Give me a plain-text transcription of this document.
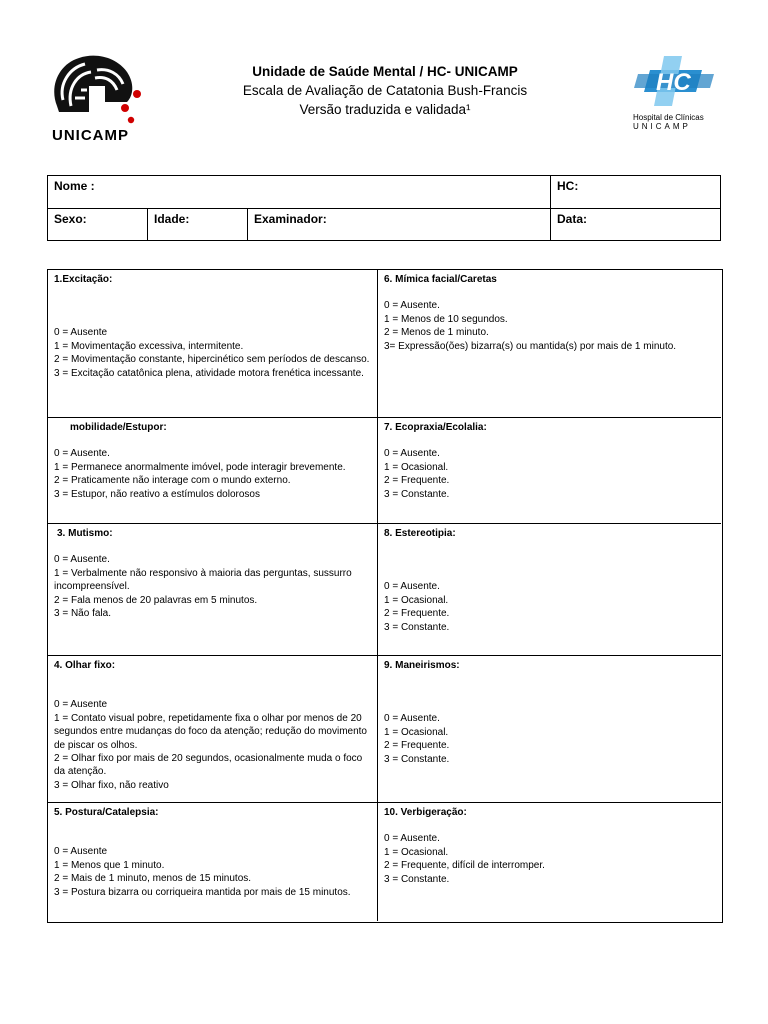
UNICAMP
Unidade de Saúde Mental / HC- UNICAMP
Escala de Avaliação de Catatonia Bush-Francis
Versão traduzida e validada¹
HC
Hospital de Clínicas
UNICAMP
Nome :	HC:
Sexo:	Idade:	Examinador:	Data:
1.Excitação:
0 = Ausente
1 = Movimentação excessiva, intermitente.
2 = Movimentação constante, hipercinético sem períodos de descanso.
3 = Excitação catatônica plena, atividade motora frenética incessante.
6. Mímica facial/Caretas
0 = Ausente.
1 = Menos de 10 segundos.
2 = Menos de 1 minuto.
3= Expressão(ões) bizarra(s) ou mantida(s) por mais de 1 minuto.
mobilidade/Estupor:
0 = Ausente.
1 = Permanece anormalmente imóvel, pode interagir brevemente.
2 = Praticamente não interage com o mundo externo.
3 = Estupor, não reativo a estímulos dolorosos
7. Ecopraxia/Ecolalia:
0 = Ausente.
1 = Ocasional.
2 = Frequente.
3 = Constante.
3. Mutismo:
0 = Ausente.
1 = Verbalmente não responsivo à maioria das perguntas, sussurro incompreensível.
2 = Fala menos de 20 palavras em 5 minutos.
3 = Não fala.
8. Estereotipia:
0 = Ausente.
1 = Ocasional.
2 = Frequente.
3 = Constante.
4. Olhar fixo:
0 = Ausente
1 = Contato visual pobre, repetidamente fixa o olhar por menos de 20 segundos entre mudanças do foco da atenção; redução do movimento de piscar os olhos.
2 = Olhar fixo por mais de 20 segundos, ocasionalmente muda o foco da atenção.
3 = Olhar fixo, não reativo
9. Maneirismos:
0 = Ausente.
1 = Ocasional.
2 = Frequente.
3 = Constante.
5. Postura/Catalepsia:
0 = Ausente
1 = Menos que 1 minuto.
2 = Mais de 1 minuto, menos de 15 minutos.
3 = Postura bizarra ou corriqueira mantida por mais de 15 minutos.
10. Verbigeração:
0 = Ausente.
1 = Ocasional.
2 = Frequente, difícil de interromper.
3 = Constante.
